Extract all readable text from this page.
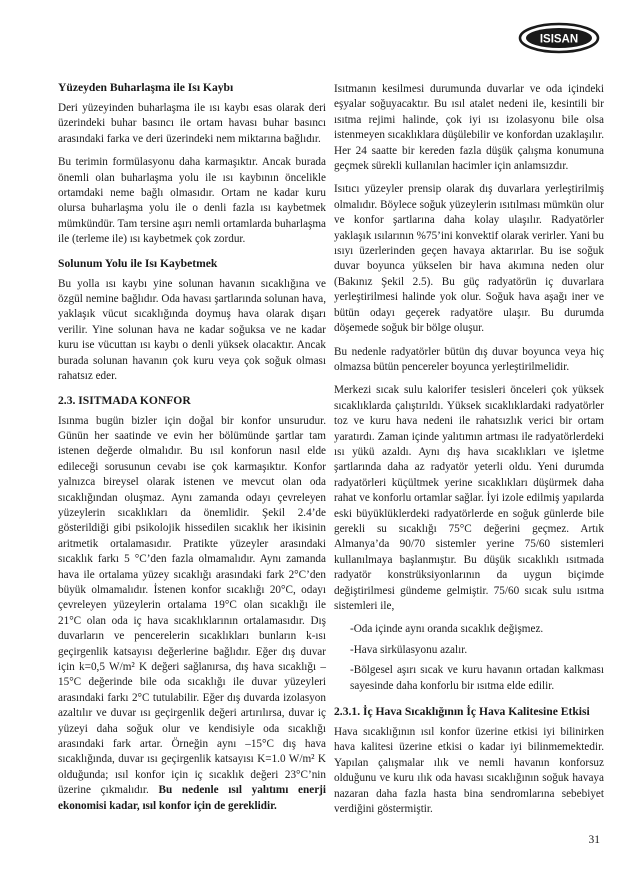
ISISAN
Yüzeyden Buharlaşma ile Isı Kaybı

Deri yüzeyinden buharlaşma ile ısı kaybı esas olarak deri üzerindeki buhar basıncı ile ortam havası buhar basıncı arasındaki farka ve deri üzerindeki nem miktarına bağlıdır.

Bu terimin formülasyonu daha karmaşıktır. Ancak burada önemli olan buharlaşma yolu ile ısı kaybının öncelikle ortamdaki neme bağlı olmasıdır. Ortam ne kadar kuru olursa buharlaşma yolu ile o denli fazla ısı kaybetmek mümkündür. Tam tersine aşırı nemli ortamlarda buharlaşma ile (terleme ile) ısı kaybetmek çok zordur.

Solunum Yolu ile Isı Kaybetmek

Bu yolla ısı kaybı yine solunan havanın sıcaklığına ve özgül nemine bağlıdır. Oda havası şartlarında solunan hava, yaklaşık vücut sıcaklığında doymuş hava olarak dışarı verilir. Yine solunan hava ne kadar soğuksa ve ne kadar kuru ise vücuttan ısı kaybı o denli yüksek olacaktır. Ancak burada solunan havanın çok kuru veya çok soğuk olması rahatsız eder.

2.3. ISITMADA KONFOR

Isınma bugün bizler için doğal bir konfor unsurudur. Günün her saatinde ve evin her bölümünde şartlar tam istenen değerde olmalıdır. Bu ısıl konforun nasıl elde edileceği sorusunun cevabı ise çok karmaşıktır. Konfor yalnızca bireysel olarak istenen ve mevcut olan oda sıcaklığından oluşmaz. Aynı zamanda odayı çevreleyen yüzeylerin sıcaklıkları da önemlidir. Şekil 2.4’de gösterildiği gibi psikolojik hissedilen sıcaklık her ikisinin aritmetik ortalamasıdır. Pratikte yüzeyler arasındaki sıcaklık farkı 5 °C’den fazla olmamalıdır. Aynı zamanda hava ile ortalama yüzey sıcaklığı arasındaki fark 2°C’den büyük olmamalıdır. İstenen konfor sıcaklığı 20°C, odayı çevreleyen yüzeylerin ortalama 19°C olan sıcaklığı ile 21°C olan oda iç hava sıcaklıklarının ortalamasıdır. Dış duvarların ve pencerelerin sıcaklıkları bunların k-ısı geçirgenlik katsayısı değerlerine bağlıdır. Eğer dış duvar için k=0,5 W/m² K değeri sağlanırsa, dış hava sıcaklığı –15°C değerinde bile oda sıcaklığı ile duvar yüzeyleri arasındaki farkı 2°C tutulabilir. Eğer dış duvarda izolasyon azaltılır ve duvar ısı geçirgenlik değeri artırılırsa, duvar iç yüzeyi daha soğuk olur ve kendisiyle oda sıcaklığı arasındaki fark artar. Örneğin aynı –15°C dış hava sıcaklığında, duvar ısı geçirgenlik katsayısı K=1.0 W/m² K olduğunda; ısıl konfor için iç sıcaklık değeri 23°C’nin üzerine çıkmalıdır. Bu nedenle ısıl yalıtımı enerji ekonomisi kadar, ısıl konfor için de gereklidir.

Isıtmanın kesilmesi durumunda duvarlar ve oda içindeki eşyalar soğuyacaktır. Bu ısıl atalet nedeni ile, kesintili bir ısıtma rejimi halinde, çok iyi ısı izolasyonu bile olsa istenmeyen sıcaklıklara düşülebilir ve konfordan uzaklaşılır. Her 24 saatte bir kereden fazla düşük çalışma konumuna geçmek sürekli kullanılan hacimler için anlamsızdır.

Isıtıcı yüzeyler prensip olarak dış duvarlara yerleştirilmiş olmalıdır. Böylece soğuk yüzeylerin ısıtılması mümkün olur ve konfor şartlarına daha kolay ulaşılır. Radyatörler yaklaşık ısılarının %75’ini konvektif olarak verirler. Yani bu ısıyı üzerlerinden geçen havaya aktarırlar. Bu ise soğuk duvar boyunca yükselen bir hava akımına neden olur (Bakınız Şekil 2.5). Bu güç radyatörün iç duvarlara yerleştirilmesi halinde yok olur. Soğuk hava aşağı iner ve bütün odayı geçerek radyatöre ulaşır. Bu durumda döşemede soğuk bir bölge oluşur.

Bu nedenle radyatörler bütün dış duvar boyunca veya hiç olmazsa bütün pencereler boyunca yerleştirilmelidir.

Merkezi sıcak sulu kalorifer tesisleri önceleri çok yüksek sıcaklıklarda çalıştırıldı. Yüksek sıcaklıklardaki radyatörler toz ve kuru hava nedeni ile rahatsızlık verici bir ortam yaratırdı. Zaman içinde yalıtımın artması ile radyatörlerdeki ısı yükü azaldı. Aynı dış hava sıcaklıkları ve işletme şartlarında daha az radyatör yeterli oldu. Yeni durumda radyatörleri küçültmek yerine sıcaklıkları düşürmek daha rahat ve konforlu ortamlar sağlar. İyi izole edilmiş yapılarda eski büyüklüklerdeki radyatörlerde en soğuk günlerde bile gerekli su sıcaklığı 75°C değerini geçmez. Artık Almanya’da 90/70 sistemler yerine 75/60 sistemleri kullanılmaya başlanmıştır. Bu düşük sıcaklıklı ısıtmada radyatör konstrüksiyonlarının da uygun biçimde değiştirilmesi gündeme gelmiştir. 75/60 sıcak sulu ısıtma sistemleri ile,

-Oda içinde aynı oranda sıcaklık değişmez.

-Hava sirkülasyonu azalır.

-Bölgesel aşırı sıcak ve kuru havanın ortadan kalkması sayesinde daha konforlu bir ısıtma elde edilir.

2.3.1. İç Hava Sıcaklığının İç Hava Kalitesine Etkisi

Hava sıcaklığının ısıl konfor üzerine etkisi iyi bilinirken hava kalitesi üzerine etkisi o kadar iyi bilinmemektedir. Yapılan çalışmalar ılık ve nemli havanın konforsuz olduğunu ve kuru ılık oda havası sıcaklığının soğuk havaya nazaran daha fazla hasta bina sendromlarına sebebiyet verdiğini göstermiştir.

31
